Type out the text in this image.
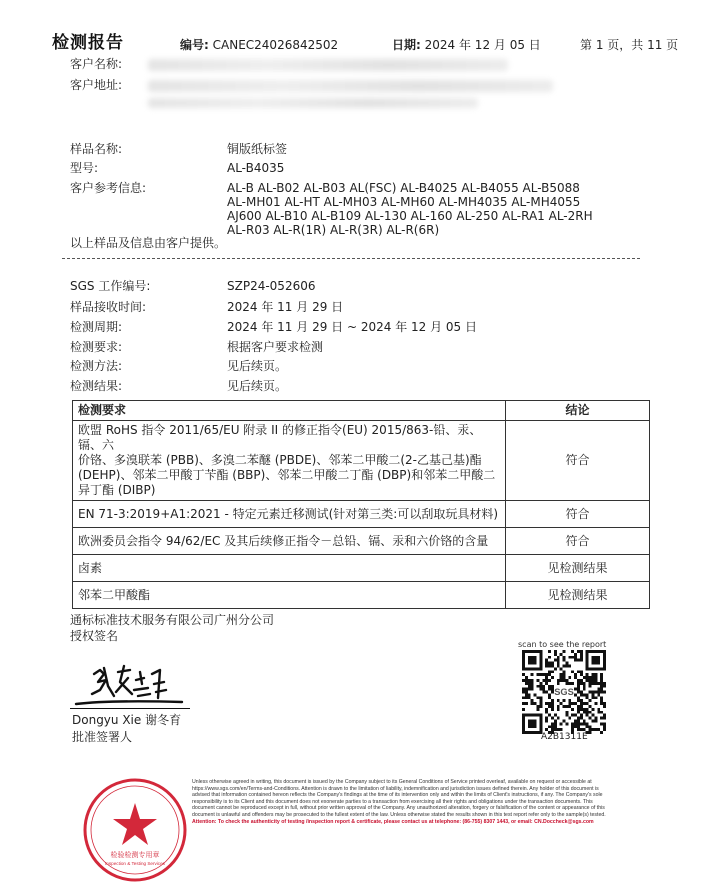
检测报告	编号: CANEC24026842502	日期: 2024 年 12 月 05 日	第 1 页，共 11 页
客户名称:
客户地址:
样品名称:	铜版纸标签
型号:	AL-B4035
客户参考信息:	AL-B AL-B02 AL-B03 AL(FSC) AL-B4025 AL-B4055 AL-B5088
AL-MH01 AL-HT AL-MH03 AL-MH60 AL-MH4035 AL-MH4055
AJ600 AL-B10 AL-B109 AL-130 AL-160 AL-250 AL-RA1 AL-2RH
AL-R03 AL-R(1R) AL-R(3R) AL-R(6R)
以上样品及信息由客户提供。
SGS 工作编号:	SZP24-052606
样品接收时间:	2024 年 11 月 29 日
检测周期:	2024 年 11 月 29 日 ~ 2024 年 12 月 05 日
检测要求:	根据客户要求检测
检测方法:	见后续页。
检测结果:	见后续页。
检测要求	结论

欧盟 RoHS 指令 2011/65/EU 附录 II 的修正指令(EU) 2015/863-铅、汞、镉、六
价铬、多溴联苯 (PBB)、多溴二苯醚 (PBDE)、邻苯二甲酸二(2-乙基己基)酯
(DEHP)、邻苯二甲酸丁苄酯 (BBP)、邻苯二甲酸二丁酯 (DBP)和邻苯二甲酸二
异丁酯 (DIBP)	符合
EN 71-3:2019+A1:2021 - 特定元素迁移测试(针对第三类:可以刮取玩具材料)	符合
欧洲委员会指令 94/62/EC 及其后续修正指令－总铅、镉、汞和六价铬的含量	符合
卤素	见检测结果
邻苯二甲酸酯	见检测结果
通标标准技术服务有限公司广州分公司
授权签名
Dongyu Xie 谢冬育
批准签署人
scan to see the report
SGS
A2B1311E
检验检测专用章
Inspection & Testing Services
Unless otherwise agreed in writing, this document is issued by the Company subject to its General Conditions of Service printed overleaf, available on request or accessible at https://www.sgs.com/en/Terms-and-Conditions. Attention is drawn to the limitation of liability, indemnification and jurisdiction issues defined therein. Any holder of this document is advised that information contained hereon reflects the Company's findings at the time of its intervention only and within the limits of Client's instructions, if any. The Company's sole responsibility is to its Client and this document does not exonerate parties to a transaction from exercising all their rights and obligations under the transaction documents. This document cannot be reproduced except in full, without prior written approval of the Company. Any unauthorized alteration, forgery or falsification of the content or appearance of this document is unlawful and offenders may be prosecuted to the fullest extent of the law. Unless otherwise stated the results shown in this test report refer only to the sample(s) tested.
Attention: To check the authenticity of testing /inspection report & certificate, please contact us at telephone: (86-755) 8307 1443, or email: CN.Doccheck@sgs.com
